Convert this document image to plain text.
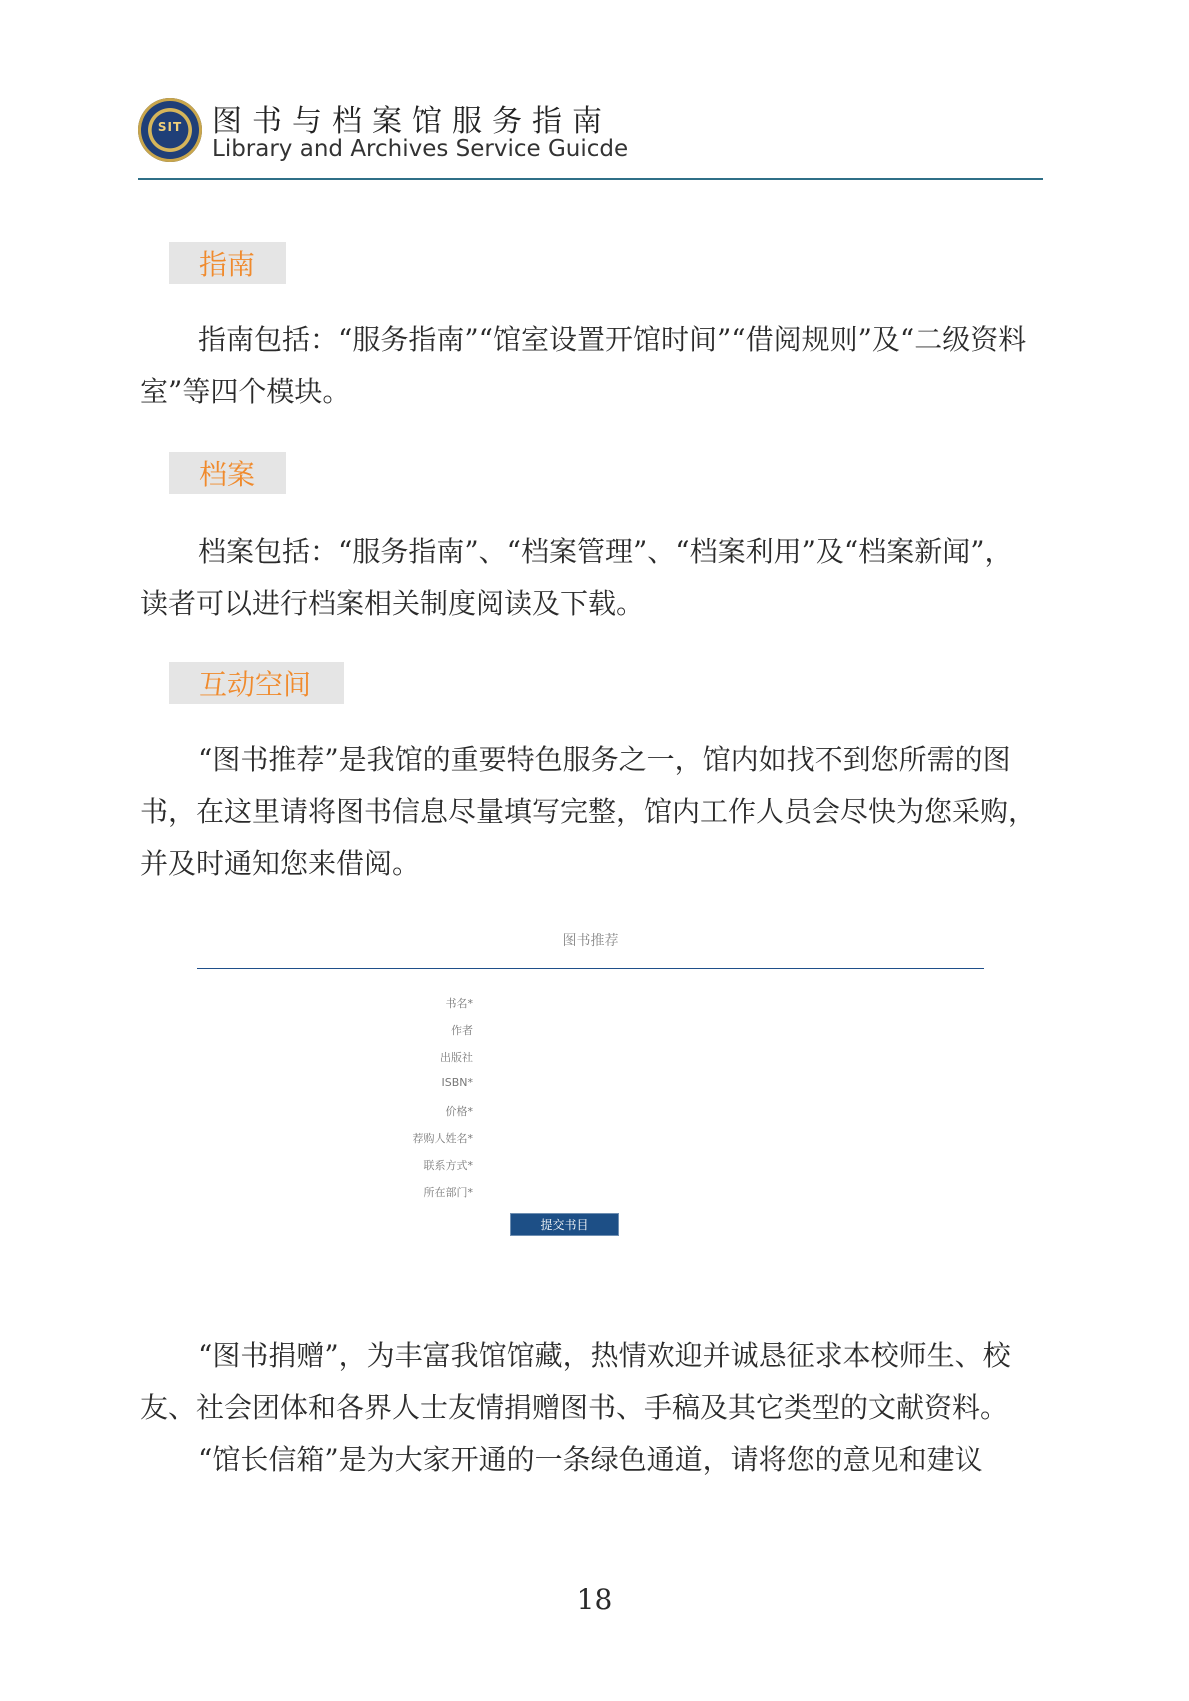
SIT 图书与档案馆服务指南
Library and Archives Service Guicde
指南
指南包括：“服务指南”“馆室设置开馆时间”“借阅规则”及“二级资料室”等四个模块。
档案
档案包括：“服务指南”、“档案管理”、“档案利用”及“档案新闻”，读者可以进行档案相关制度阅读及下载。
互动空间
“图书推荐”是我馆的重要特色服务之一，馆内如找不到您所需的图书，在这里请将图书信息尽量填写完整，馆内工作人员会尽快为您采购，并及时通知您来借阅。
图书推荐
书名*
作者
出版社
ISBN*
价格*
荐购人姓名*
联系方式*
所在部门*
提交书目
“图书捐赠”，为丰富我馆馆藏，热情欢迎并诚恳征求本校师生、校友、社会团体和各界人士友情捐赠图书、手稿及其它类型的文献资料。
“馆长信箱”是为大家开通的一条绿色通道，请将您的意见和建议
18
